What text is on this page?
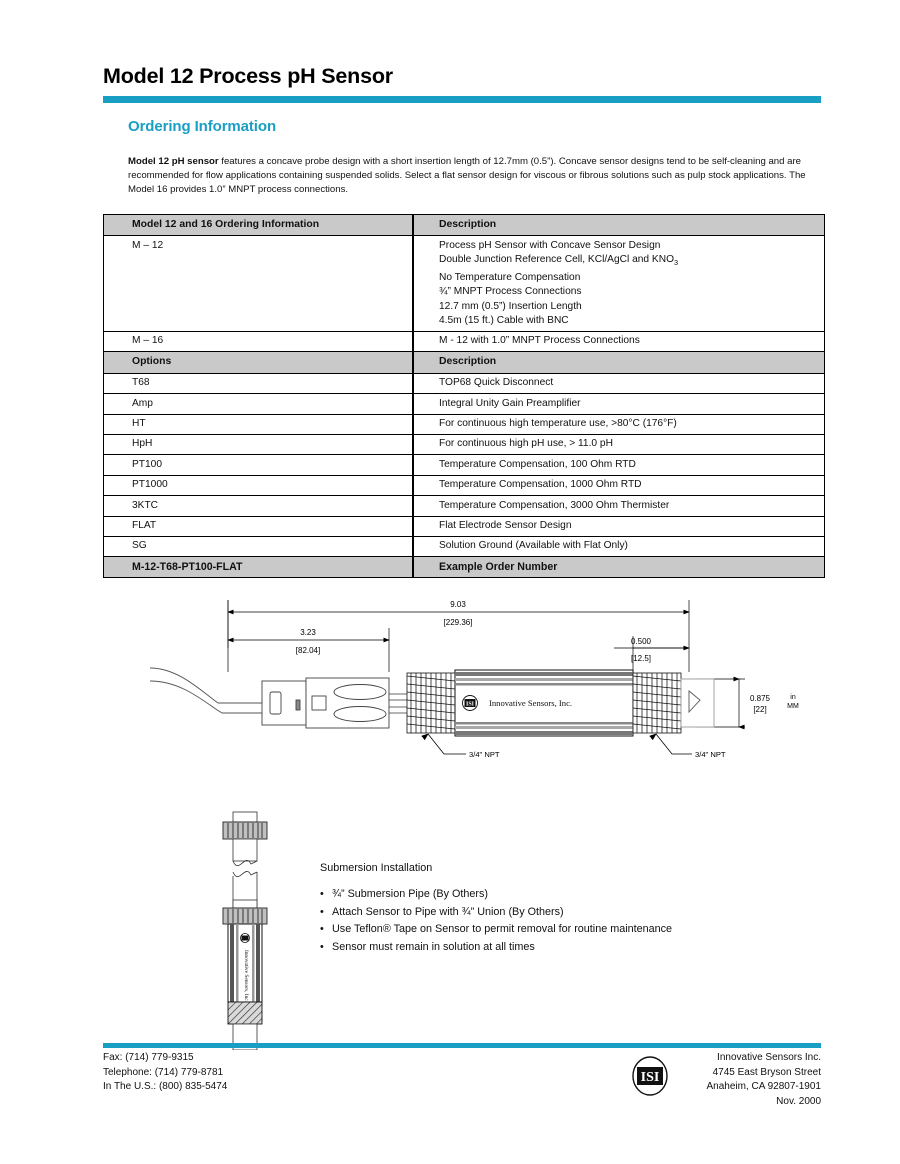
Model 12 Process pH Sensor
Ordering Information
Model 12 pH sensor features a concave probe design with a short insertion length of 12.7mm (0.5”). Concave sensor designs tend to be self-cleaning and are recommended for flow applications containing suspended solids. Select a flat sensor design for viscous or fibrous solutions such as pulp stock applications. The Model 16 provides 1.0” MNPT process connections.
Model 12 and 16 Ordering Information	Description

M – 12	Process pH Sensor with Concave Sensor Design
Double Junction Reference Cell, KCl/AgCl and $KNO_3$
No Temperature Compensation
¾” MNPT Process Connections
12.7 mm (0.5”) Insertion Length
4.5m (15 ft.) Cable with BNC

M – 16	M - 12 with 1.0” MNPT Process Connections

Options	Description

T68	TOP68 Quick Disconnect

Amp	Integral Unity Gain Preamplifier

HT	For continuous high temperature use, >80°C (176°F)

HpH	For continuous high pH use, > 11.0 pH

PT100	Temperature Compensation, 100 Ohm RTD

PT1000	Temperature Compensation, 1000 Ohm RTD

3KTC	Temperature Compensation, 3000 Ohm Thermister

FLAT	Flat Electrode Sensor Design

SG	Solution Ground (Available with Flat Only)

M-12-T68-PT100-FLAT	Example Order Number
9.03
[229.36]
3.23
[82.04]
0.500
[12.5]
0.875
[22]
in
MM
ISI Innovative Sensors, Inc.
3/4" NPT	3/4" NPT
Innovative Sensors, Inc.
Submersion Installation
• ¾” Submersion Pipe (By Others)
• Attach Sensor to Pipe with ¾” Union (By Others)
• Use Teflon® Tape on Sensor to permit removal for routine maintenance
• Sensor must remain in solution at all times
Fax: (714) 779-9315
Telephone: (714) 779-8781
In The U.S.: (800) 835-5474
ISI
Innovative Sensors Inc.
4745 East Bryson Street
Anaheim, CA 92807-1901
Nov. 2000
